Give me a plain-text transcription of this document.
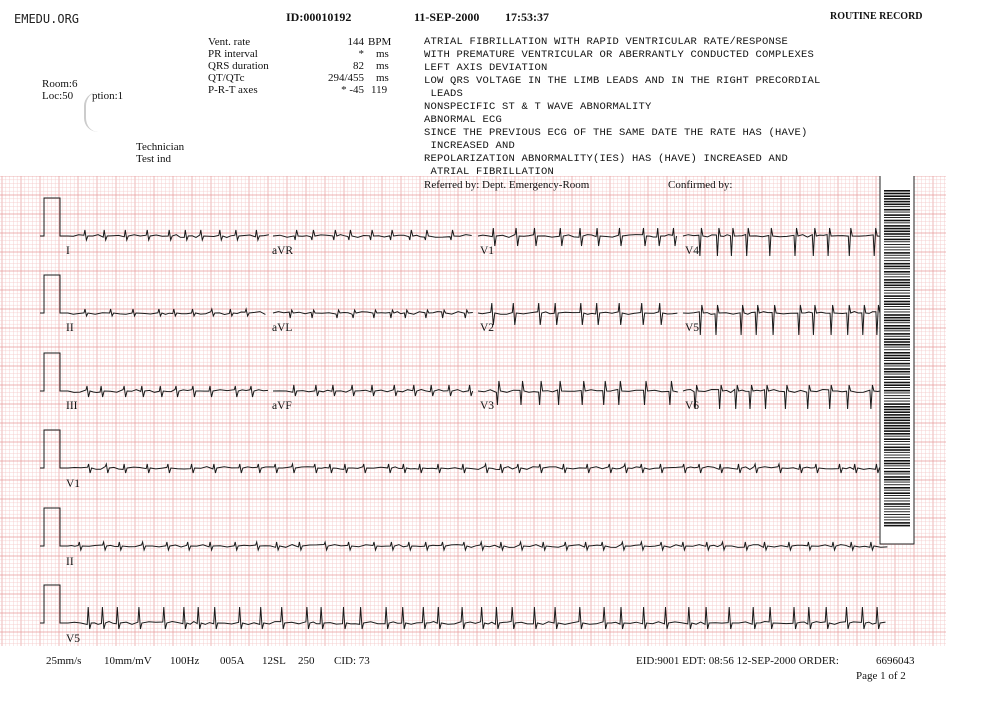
EMEDU.ORG	ID:00010192	11-SEP-2000 17:53:37	ROUTINE RECORD
Room:6
Loc:50 ption:1
Vent. rate	144 BPM
PR interval	* ms
QRS duration	82 ms
QT/QTc	294/455 ms
P-R-T axes	* -45 119
Technician
Test ind
ATRIAL FIBRILLATION WITH RAPID VENTRICULAR RATE/RESPONSE
WITH PREMATURE VENTRICULAR OR ABERRANTLY CONDUCTED COMPLEXES
LEFT AXIS DEVIATION
LOW QRS VOLTAGE IN THE LIMB LEADS AND IN THE RIGHT PRECORDIAL
LEADS
NONSPECIFIC ST & T WAVE ABNORMALITY
ABNORMAL ECG
SINCE THE PREVIOUS ECG OF THE SAME DATE THE RATE HAS (HAVE)
INCREASED AND
REPOLARIZATION ABNORMALITY(IES) HAS (HAVE) INCREASED AND
ATRIAL FIBRILLATION
Referred by: Dept. Emergency-Room	Confirmed by:
I	aVR	V1	V4
II	aVL	V2	V5
III	aVF	V3	V6
V1
II
V5
25mm/s 10mm/mV 100Hz 005A 12SL 250 CID: 73	EID:9001 EDT: 08:56 12-SEP-2000 ORDER:	6696043
Page 1 of 2
